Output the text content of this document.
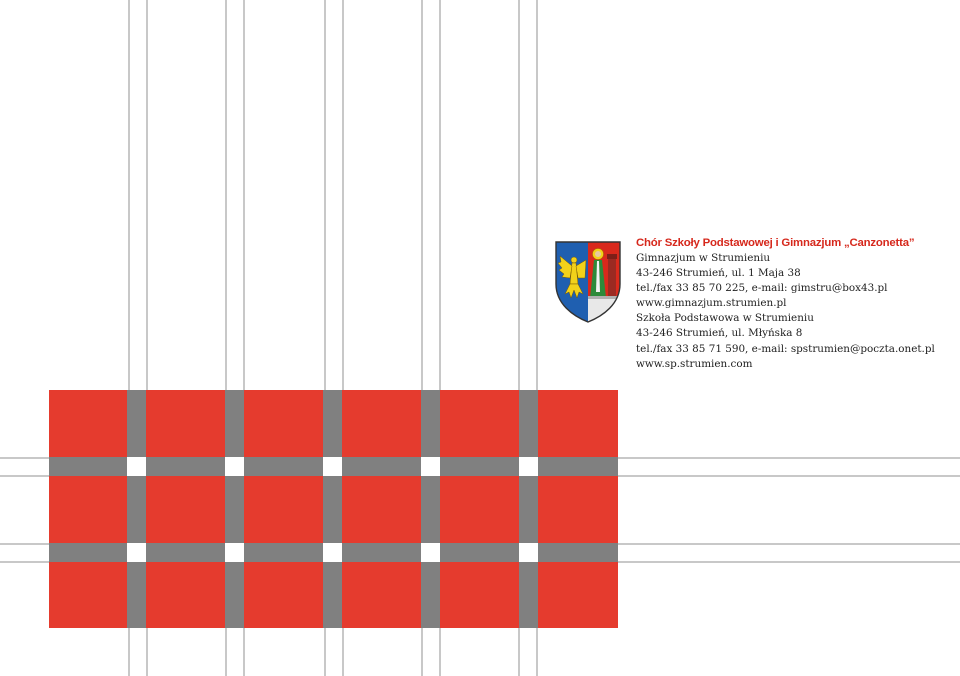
Chór Szkoły Podstawowej i Gimnazjum „Canzonetta”
Gimnazjum w Strumieniu
43-246 Strumień, ul. 1 Maja 38
tel./fax 33 85 70 225, e-mail: gimstru@box43.pl
www.gimnazjum.strumien.pl
Szkoła Podstawowa w Strumieniu
43-246 Strumień, ul. Młyńska 8
tel./fax 33 85 71 590, e-mail: spstrumien@poczta.onet.pl
www.sp.strumien.com
